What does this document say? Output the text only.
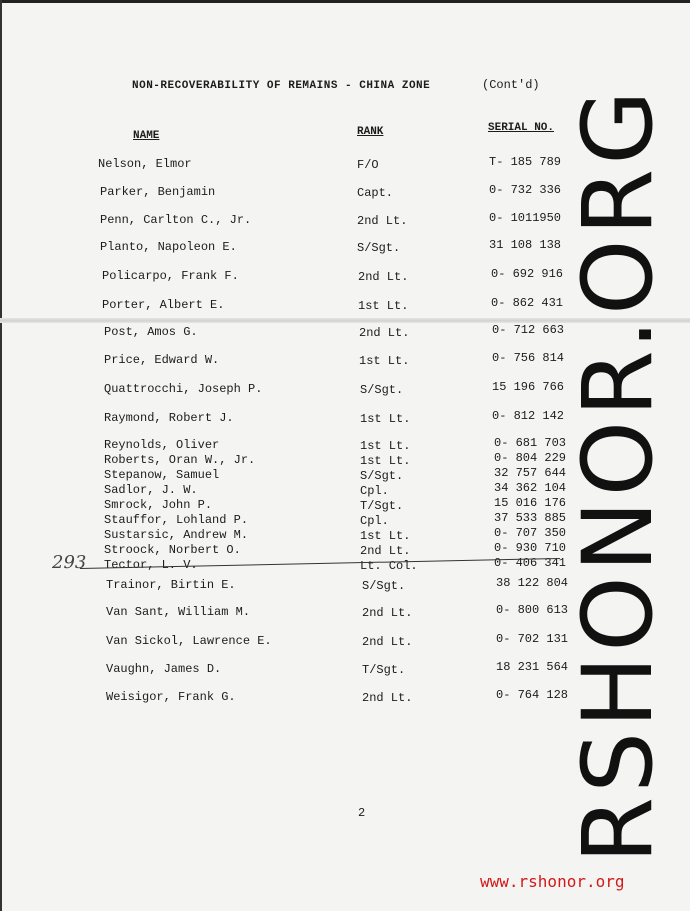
NON-RECOVERABILITY OF REMAINS - CHINA ZONE	(Cont'd)
NAME	RANK	SERIAL NO.
Nelson, Elmor	F/O	T- 185 789
Parker, Benjamin	Capt.	0- 732 336
Penn, Carlton C., Jr.	2nd Lt.	0- 1011950
Planto, Napoleon E.	S/Sgt.	31 108 138
Policarpo, Frank F.	2nd Lt.	0- 692 916
Porter, Albert E.	1st Lt.	0- 862 431
Post, Amos G.	2nd Lt.	0- 712 663
Price, Edward W.	1st Lt.	0- 756 814
Quattrocchi, Joseph P.	S/Sgt.	15 196 766
Raymond, Robert J.	1st Lt.	0- 812 142
Reynolds, Oliver	1st Lt.	0- 681 703
Roberts, Oran W., Jr.	1st Lt.	0- 804 229
Stepanow, Samuel	S/Sgt.	32 757 644
Sadlor, J. W.	Cpl.	34 362 104
Smrock, John P.	T/Sgt.	15 016 176
Stauffor, Lohland P.	Cpl.	37 533 885
Sustarsic, Andrew M.	1st Lt.	0- 707 350
Stroock, Norbert O.	2nd Lt.	0- 930 710
Tector, L. V.	Lt. Col.	0- 406 341
Trainor, Birtin E.	S/Sgt.	38 122 804
Van Sant, William M.	2nd Lt.	0- 800 613
Van Sickol, Lawrence E.	2nd Lt.	0- 702 131
Vaughn, James D.	T/Sgt.	18 231 564
Weisigor, Frank G.	2nd Lt.	0- 764 128
293
2 RSHONOR.ORG
www.rshonor.org
